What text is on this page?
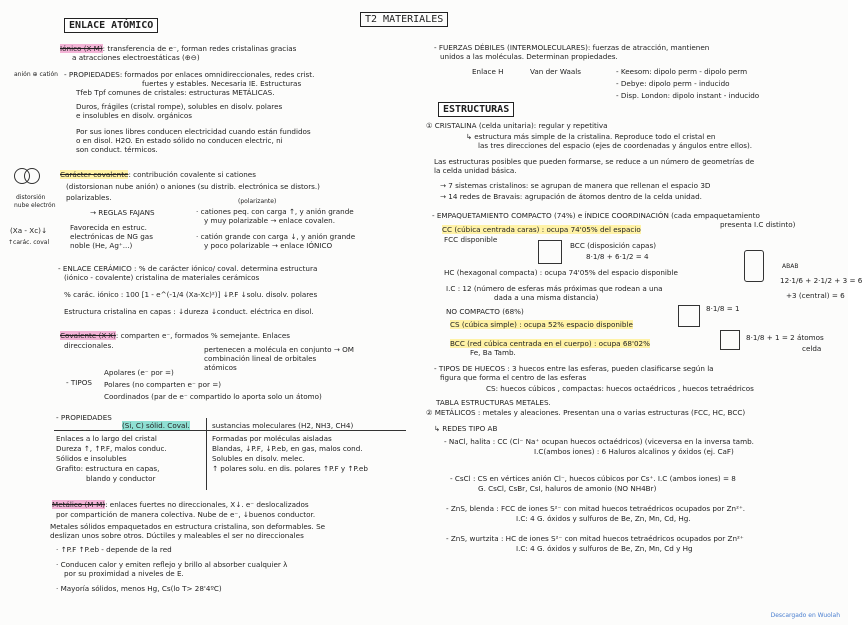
T2 MATERIALES
ENLACE ATÓMICO
Iónico (X-M): transferencia de e⁻, forman redes cristalinas gracias
a atracciones electroestáticas (⊕⊖)
anión ⊕ catión - PROPIEDADES: formados por enlaces omnidireccionales, redes crist.
fuertes y estables. Necesaria IE. Estructuras
Tfeb Tpf comunes de cristales: estructuras METÁLICAS.
Duros, frágiles (cristal rompe), solubles en disolv. polares
e insolubles en disolv. orgánicos
Por sus iones libres conducen electricidad cuando están fundidos
o en disol. H2O. En estado sólido no conducen electric, ni
son conduct. térmicos.
Carácter covalente: contribución covalente si cationes
(distorsionan nube anión) o aniones (su distrib. electrónica se distors.)
polarizables.	(polarizante)
distorsión
nube electrón
(Xa - Xc)↓
↑carác. coval
→ REGLAS FAJANS	· cationes peq. con carga ↑, y anión grande
y muy polarizable → enlace covalen.
Favorecida en estruc.
electrónicas de NG gas
noble (He, Ag⁺...)
· catión grande con carga ↓, y anión grande
y poco polarizable → enlace IÓNICO
- ENLACE CERÁMICO : % de carácter iónico/ coval. determina estructura
(iónico - covalente) cristalina de materiales cerámicos
% carác. iónico : 100 [1 - e^(-1/4 (Xa-Xc)²)] ↓P.F ↓solu. disolv. polares
Estructura cristalina en capas : ↓dureza ↓conduct. eléctrica en disol.
Covalente (X-X): comparten e⁻, formados % semejante. Enlaces
direccionales.	pertenecen a molécula en conjunto → OM
combinación lineal de orbitales
atómicos
- TIPOS
Apolares (e⁻ por =)
Polares (no comparten e⁻ por =)
Coordinados (par de e⁻ compartido lo aporta solo un átomo)
- PROPIEDADES
(Si, C) sólid. Coval.	sustancias moleculares (H2, NH3, CH4)
Enlaces a lo largo del cristal	Formadas por moléculas aisladas
Dureza ↑, ↑P.F, malos conduc.	Blandas, ↓P.F, ↓P.eb, en gas, malos cond.
Sólidos e insolubles	Solubles en disolv. melec.
Grafito: estructura en capas,	↑ polares solu. en dis. polares ↑P.F y ↑P.eb
blando y conductor
Metálico (M-M): enlaces fuertes no direccionales, X↓. e⁻ deslocalizados
por compartición de manera colectiva. Nube de e⁻, ↓buenos conductor.
Metales sólidos empaquetados en estructura cristalina, son deformables. Se
deslizan unos sobre otros. Dúctiles y maleables el ser no direccionales
· ↑P.F ↑P.eb - depende de la red
· Conducen calor y emiten reflejo y brillo al absorber cualquier λ
por su proximidad a niveles de E.
· Mayoría sólidos, menos Hg, Cs(lo T> 28'4ºC)
- FUERZAS DÉBILES (INTERMOLECULARES): fuerzas de atracción, mantienen
unidos a las moléculas. Determinan propiedades.
Enlace H	Van der Waals	- Keesom: dipolo perm - dipolo perm
- Debye: dipolo perm - inducido
- Disp. London: dipolo instant - inducido
ESTRUCTURAS
① CRISTALINA (celda unitaria): regular y repetitiva
↳ estructura más simple de la cristalina. Reproduce todo el cristal en
las tres direcciones del espacio (ejes de coordenadas y ángulos entre ellos).
Las estructuras posibles que pueden formarse, se reduce a un número de geometrías de
la celda unidad básica.
→ 7 sistemas cristalinos: se agrupan de manera que rellenan el espacio 3D
→ 14 redes de Bravais: agrupación de átomos dentro de la celda unidad.
- EMPAQUETAMIENTO COMPACTO (74%) e ÍNDICE COORDINACIÓN (cada empaquetamiento
presenta I.C distinto)
CC (cúbica centrada caras) : ocupa 74'05% del espacio
FCC disponible
BCC (disposición capas)
8·1/8 + 6·1/2 = 4
HC (hexagonal compacta) : ocupa 74'05% del espacio disponible
ABAB
12·1/6 + 2·1/2 + 3 = 6
I.C : 12 (número de esferas más próximas que rodean a una
dada a una misma distancia)	+3 (central) = 6
NO COMPACTO (68%)
CS (cúbica simple) : ocupa 52% espacio disponible
8·1/8 = 1
BCC (red cúbica centrada en el cuerpo) : ocupa 68'02%
Fe, Ba Tamb.
8·1/8 + 1 = 2 átomos
celda
- TIPOS DE HUECOS : 3 huecos entre las esferas, pueden clasificarse según la
figura que forma el centro de las esferas
CS: huecos cúbicos , compactas: huecos octaédricos , huecos tetraédricos
TABLA ESTRUCTURAS METALES.
② METÁLICOS : metales y aleaciones. Presentan una o varias estructuras (FCC, HC, BCC)
↳ REDES TIPO AB
- NaCl, halita : CC (Cl⁻ Na⁺ ocupan huecos octaédricos) (viceversa en la inversa tamb.
I.C(ambos iones) : 6 Haluros alcalinos y óxidos (ej. CaF)
- CsCl : CS en vértices anión Cl⁻, huecos cúbicos por Cs⁺. I.C (ambos iones) = 8
G. CsCl, CsBr, CsI, haluros de amonio (NO NH4Br)
- ZnS, blenda : FCC de iones S²⁻ con mitad huecos tetraédricos ocupados por Zn²⁺.
I.C: 4 G. óxidos y sulfuros de Be, Zn, Mn, Cd, Hg.
- ZnS, wurtzita : HC de iones S²⁻ con mitad huecos tetraédricos ocupados por Zn²⁺
I.C: 4 G. óxidos y sulfuros de Be, Zn, Mn, Cd y Hg
Descargado en Wuolah
